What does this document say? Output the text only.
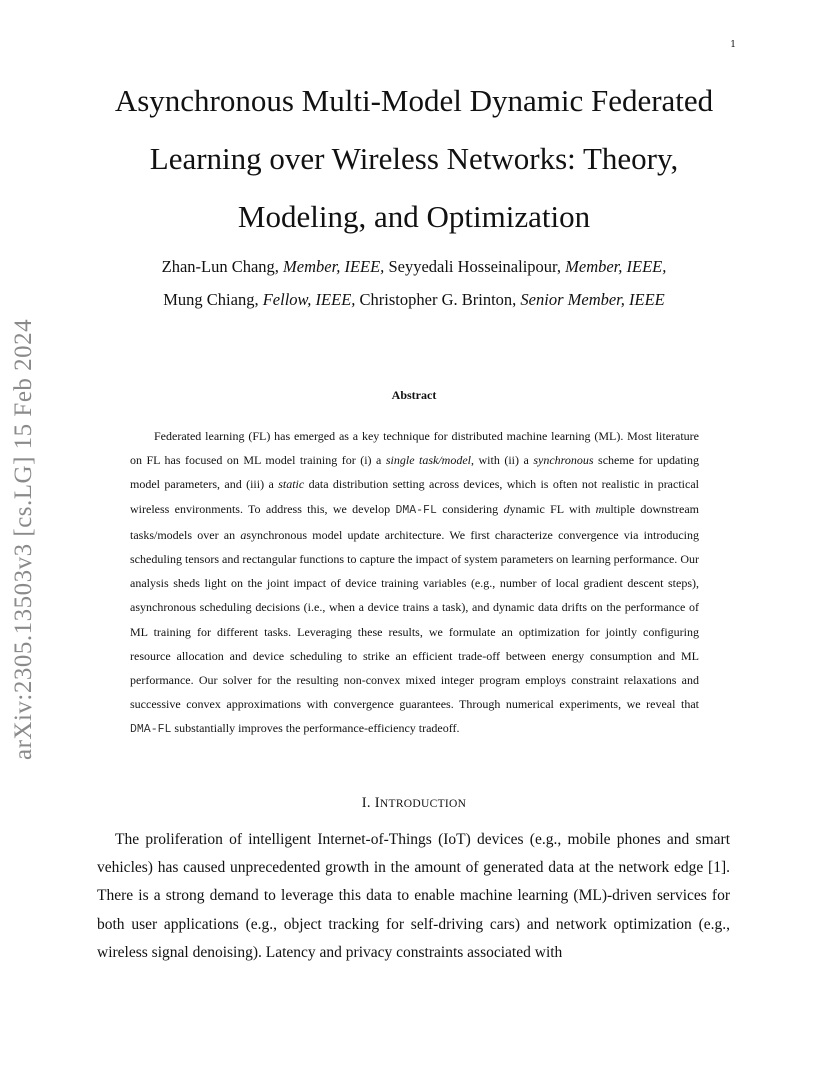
1
arXiv:2305.13503v3 [cs.LG] 15 Feb 2024
Asynchronous Multi-Model Dynamic Federated Learning over Wireless Networks: Theory, Modeling, and Optimization

Zhan-Lun Chang, Member, IEEE, Seyyedali Hosseinalipour, Member, IEEE,
Mung Chiang, Fellow, IEEE, Christopher G. Brinton, Senior Member, IEEE

Abstract

Federated learning (FL) has emerged as a key technique for distributed machine learning (ML). Most literature on FL has focused on ML model training for (i) a single task/model, with (ii) a synchronous scheme for updating model parameters, and (iii) a static data distribution setting across devices, which is often not realistic in practical wireless environments. To address this, we develop DMA-FL considering dynamic FL with multiple downstream tasks/models over an asynchronous model update architecture. We first characterize convergence via introducing scheduling tensors and rectangular functions to capture the impact of system parameters on learning performance. Our analysis sheds light on the joint impact of device training variables (e.g., number of local gradient descent steps), asynchronous scheduling decisions (i.e., when a device trains a task), and dynamic data drifts on the performance of ML training for different tasks. Leveraging these results, we formulate an optimization for jointly configuring resource allocation and device scheduling to strike an efficient trade-off between energy consumption and ML performance. Our solver for the resulting non-convex mixed integer program employs constraint relaxations and successive convex approximations with convergence guarantees. Through numerical experiments, we reveal that DMA-FL substantially improves the performance-efficiency tradeoff.

I. INTRODUCTION

The proliferation of intelligent Internet-of-Things (IoT) devices (e.g., mobile phones and smart vehicles) has caused unprecedented growth in the amount of generated data at the network edge [1]. There is a strong demand to leverage this data to enable machine learning (ML)-driven services for both user applications (e.g., object tracking for self-driving cars) and network optimization (e.g., wireless signal denoising). Latency and privacy constraints associated with
